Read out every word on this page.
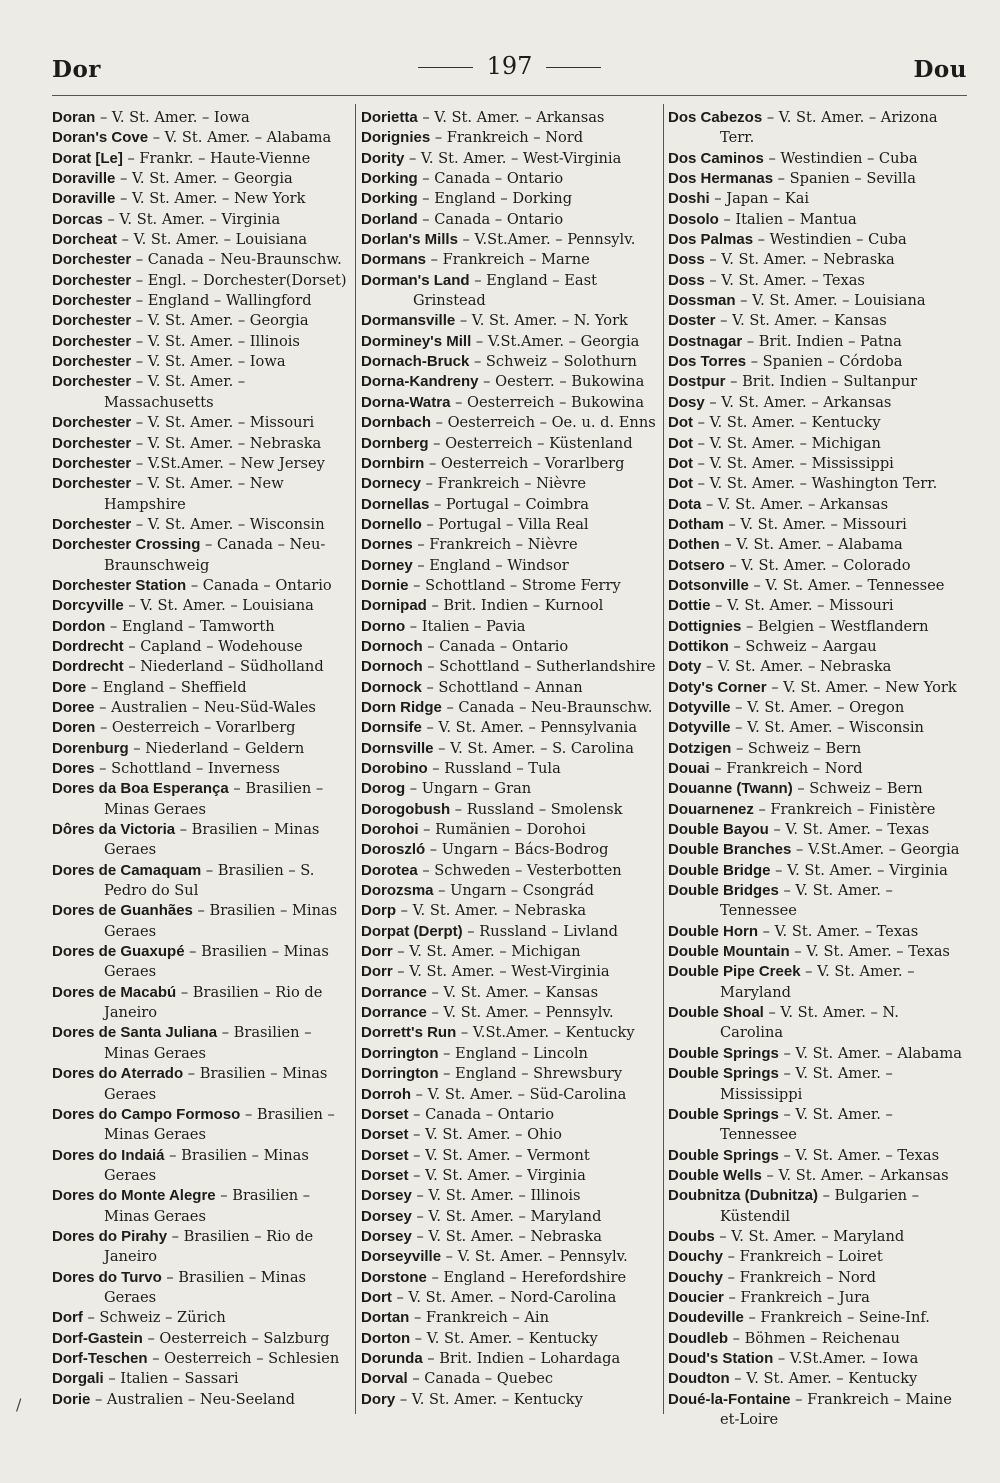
Dor	197	Dou
Doran – V. St. Amer. – Iowa
Doran's Cove – V. St. Amer. – Alabama
Dorat [Le] – Frankr. – Haute-Vienne
Doraville – V. St. Amer. – Georgia
Doraville – V. St. Amer. – New York
Dorcas – V. St. Amer. – Virginia
Dorcheat – V. St. Amer. – Louisiana
Dorchester – Canada – Neu-Braunschw.
Dorchester – Engl. – Dorchester(Dorset)
Dorchester – England – Wallingford
Dorchester – V. St. Amer. – Georgia
Dorchester – V. St. Amer. – Illinois
Dorchester – V. St. Amer. – Iowa
Dorchester – V. St. Amer. – Massachusetts
Dorchester – V. St. Amer. – Missouri
Dorchester – V. St. Amer. – Nebraska
Dorchester – V.St.Amer. – New Jersey
Dorchester – V. St. Amer. – New Hampshire
Dorchester – V. St. Amer. – Wisconsin
Dorchester Crossing – Canada – Neu-Braunschweig
Dorchester Station – Canada – Ontario
Dorcyville – V. St. Amer. – Louisiana
Dordon – England – Tamworth
Dordrecht – Capland – Wodehouse
Dordrecht – Niederland – Südholland
Dore – England – Sheffield
Doree – Australien – Neu-Süd-Wales
Doren – Oesterreich – Vorarlberg
Dorenburg – Niederland – Geldern
Dores – Schottland – Inverness
Dores da Boa Esperança – Brasilien – Minas Geraes
Dôres da Victoria – Brasilien – Minas Geraes
Dores de Camaquam – Brasilien – S. Pedro do Sul
Dores de Guanhães – Brasilien – Minas Geraes
Dores de Guaxupé – Brasilien – Minas Geraes
Dores de Macabú – Brasilien – Rio de Janeiro
Dores de Santa Juliana – Brasilien – Minas Geraes
Dores do Aterrado – Brasilien – Minas Geraes
Dores do Campo Formoso – Brasilien – Minas Geraes
Dores do Indaiá – Brasilien – Minas Geraes
Dores do Monte Alegre – Brasilien – Minas Geraes
Dores do Pirahy – Brasilien – Rio de Janeiro
Dores do Turvo – Brasilien – Minas Geraes
Dorf – Schweiz – Zürich
Dorf-Gastein – Oesterreich – Salzburg
Dorf-Teschen – Oesterreich – Schlesien
Dorgali – Italien – Sassari
Dorie – Australien – Neu-Seeland
Dorietta – V. St. Amer. – Arkansas
Dorignies – Frankreich – Nord
Dority – V. St. Amer. – West-Virginia
Dorking – Canada – Ontario
Dorking – England – Dorking
Dorland – Canada – Ontario
Dorlan's Mills – V.St.Amer. – Pennsylv.
Dormans – Frankreich – Marne
Dorman's Land – England – East Grinstead
Dormansville – V. St. Amer. – N. York
Dorminey's Mill – V.St.Amer. – Georgia
Dornach-Bruck – Schweiz – Solothurn
Dorna-Kandreny – Oesterr. – Bukowina
Dorna-Watra – Oesterreich – Bukowina
Dornbach – Oesterreich – Oe. u. d. Enns
Dornberg – Oesterreich – Küstenland
Dornbirn – Oesterreich – Vorarlberg
Dornecy – Frankreich – Nièvre
Dornellas – Portugal – Coimbra
Dornello – Portugal – Villa Real
Dornes – Frankreich – Nièvre
Dorney – England – Windsor
Dornie – Schottland – Strome Ferry
Dornipad – Brit. Indien – Kurnool
Dorno – Italien – Pavia
Dornoch – Canada – Ontario
Dornoch – Schottland – Sutherlandshire
Dornock – Schottland – Annan
Dorn Ridge – Canada – Neu-Braunschw.
Dornsife – V. St. Amer. – Pennsylvania
Dornsville – V. St. Amer. – S. Carolina
Dorobino – Russland – Tula
Dorog – Ungarn – Gran
Dorogobush – Russland – Smolensk
Dorohoi – Rumänien – Dorohoi
Doroszló – Ungarn – Bács-Bodrog
Dorotea – Schweden – Vesterbotten
Dorozsma – Ungarn – Csongrád
Dorp – V. St. Amer. – Nebraska
Dorpat (Derpt) – Russland – Livland
Dorr – V. St. Amer. – Michigan
Dorr – V. St. Amer. – West-Virginia
Dorrance – V. St. Amer. – Kansas
Dorrance – V. St. Amer. – Pennsylv.
Dorrett's Run – V.St.Amer. – Kentucky
Dorrington – England – Lincoln
Dorrington – England – Shrewsbury
Dorroh – V. St. Amer. – Süd-Carolina
Dorset – Canada – Ontario
Dorset – V. St. Amer. – Ohio
Dorset – V. St. Amer. – Vermont
Dorset – V. St. Amer. – Virginia
Dorsey – V. St. Amer. – Illinois
Dorsey – V. St. Amer. – Maryland
Dorsey – V. St. Amer. – Nebraska
Dorseyville – V. St. Amer. – Pennsylv.
Dorstone – England – Herefordshire
Dort – V. St. Amer. – Nord-Carolina
Dortan – Frankreich – Ain
Dorton – V. St. Amer. – Kentucky
Dorunda – Brit. Indien – Lohardaga
Dorval – Canada – Quebec
Dory – V. St. Amer. – Kentucky
Dos Cabezos – V. St. Amer. – Arizona Terr.
Dos Caminos – Westindien – Cuba
Dos Hermanas – Spanien – Sevilla
Doshi – Japan – Kai
Dosolo – Italien – Mantua
Dos Palmas – Westindien – Cuba
Doss – V. St. Amer. – Nebraska
Doss – V. St. Amer. – Texas
Dossman – V. St. Amer. – Louisiana
Doster – V. St. Amer. – Kansas
Dostnagar – Brit. Indien – Patna
Dos Torres – Spanien – Córdoba
Dostpur – Brit. Indien – Sultanpur
Dosy – V. St. Amer. – Arkansas
Dot – V. St. Amer. – Kentucky
Dot – V. St. Amer. – Michigan
Dot – V. St. Amer. – Mississippi
Dot – V. St. Amer. – Washington Terr.
Dota – V. St. Amer. – Arkansas
Dotham – V. St. Amer. – Missouri
Dothen – V. St. Amer. – Alabama
Dotsero – V. St. Amer. – Colorado
Dotsonville – V. St. Amer. – Tennessee
Dottie – V. St. Amer. – Missouri
Dottignies – Belgien – Westflandern
Dottikon – Schweiz – Aargau
Doty – V. St. Amer. – Nebraska
Doty's Corner – V. St. Amer. – New York
Dotyville – V. St. Amer. – Oregon
Dotyville – V. St. Amer. – Wisconsin
Dotzigen – Schweiz – Bern
Douai – Frankreich – Nord
Douanne (Twann) – Schweiz – Bern
Douarnenez – Frankreich – Finistère
Double Bayou – V. St. Amer. – Texas
Double Branches – V.St.Amer. – Georgia
Double Bridge – V. St. Amer. – Virginia
Double Bridges – V. St. Amer. – Tennessee
Double Horn – V. St. Amer. – Texas
Double Mountain – V. St. Amer. – Texas
Double Pipe Creek – V. St. Amer. – Maryland
Double Shoal – V. St. Amer. – N. Carolina
Double Springs – V. St. Amer. – Alabama
Double Springs – V. St. Amer. – Mississippi
Double Springs – V. St. Amer. – Tennessee
Double Springs – V. St. Amer. – Texas
Double Wells – V. St. Amer. – Arkansas
Doubnitza (Dubnitza) – Bulgarien – Küstendil
Doubs – V. St. Amer. – Maryland
Douchy – Frankreich – Loiret
Douchy – Frankreich – Nord
Doucier – Frankreich – Jura
Doudeville – Frankreich – Seine-Inf.
Doudleb – Böhmen – Reichenau
Doud's Station – V.St.Amer. – Iowa
Doudton – V. St. Amer. – Kentucky
Doué-la-Fontaine – Frankreich – Maine et-Loire
/
